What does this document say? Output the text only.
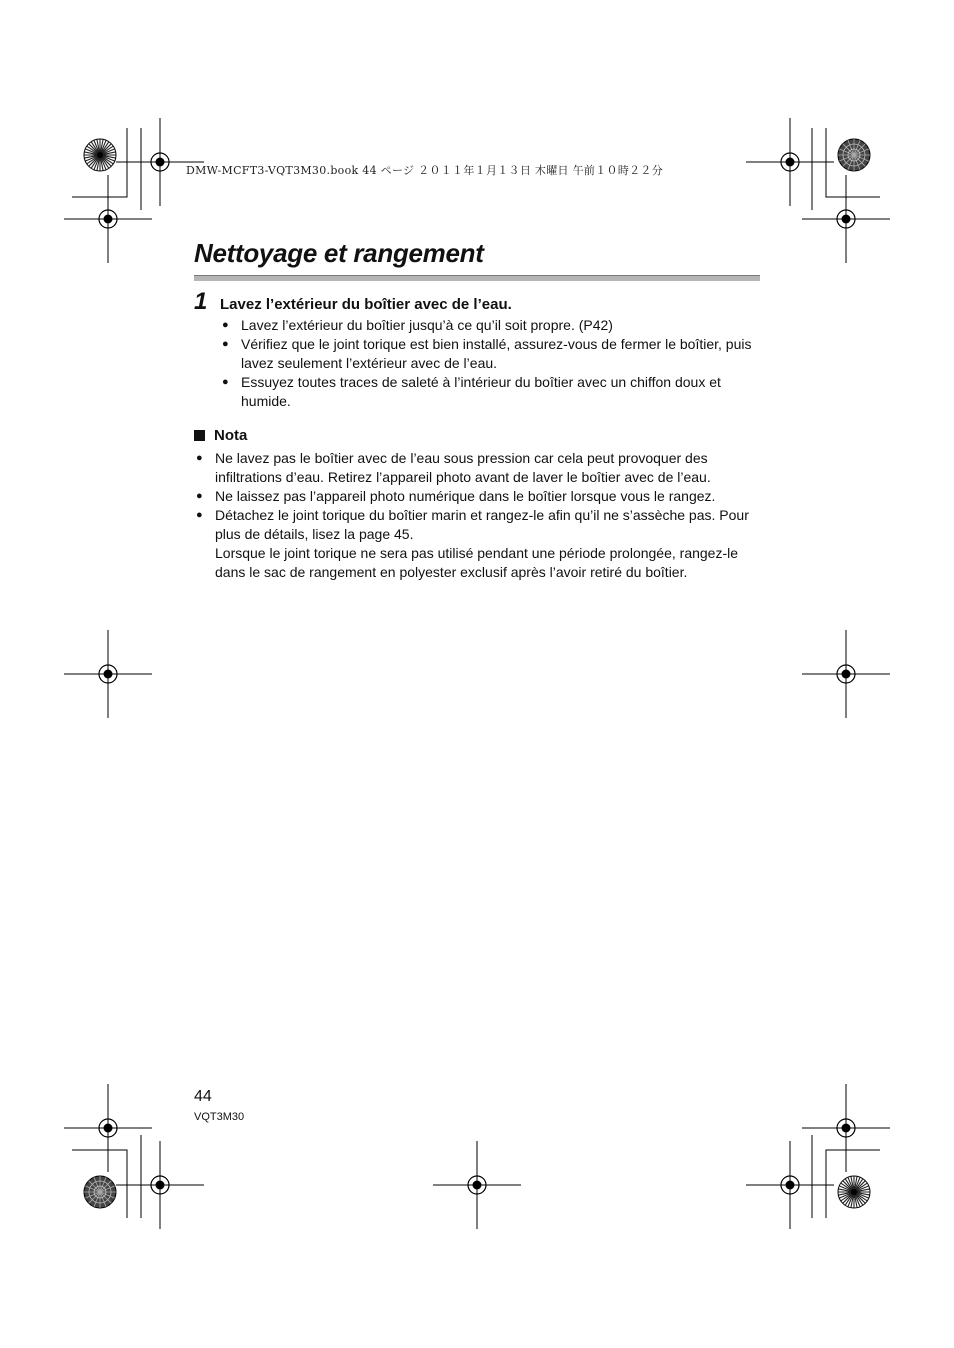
DMW-MCFT3-VQT3M30.book 44 ページ ２０１１年１月１３日 木曜日 午前１０時２２分
Nettoyage et rangement
1 Lavez l’extérieur du boîtier avec de l’eau.
● Lavez l’extérieur du boîtier jusqu’à ce qu’il soit propre. (P42)
● Vérifiez que le joint torique est bien installé, assurez-vous de fermer le boîtier, puis lavez seulement l’extérieur avec de l’eau.
● Essuyez toutes traces de saleté à l’intérieur du boîtier avec un chiffon doux et humide.
Nota
● Ne lavez pas le boîtier avec de l’eau sous pression car cela peut provoquer des infiltrations d’eau. Retirez l’appareil photo avant de laver le boîtier avec de l’eau.
● Ne laissez pas l’appareil photo numérique dans le boîtier lorsque vous le rangez.
● Détachez le joint torique du boîtier marin et rangez-le afin qu’il ne s’assèche pas. Pour plus de détails, lisez la page 45.
Lorsque le joint torique ne sera pas utilisé pendant une période prolongée, rangez-le dans le sac de rangement en polyester exclusif après l’avoir retiré du boîtier.
44
VQT3M30
